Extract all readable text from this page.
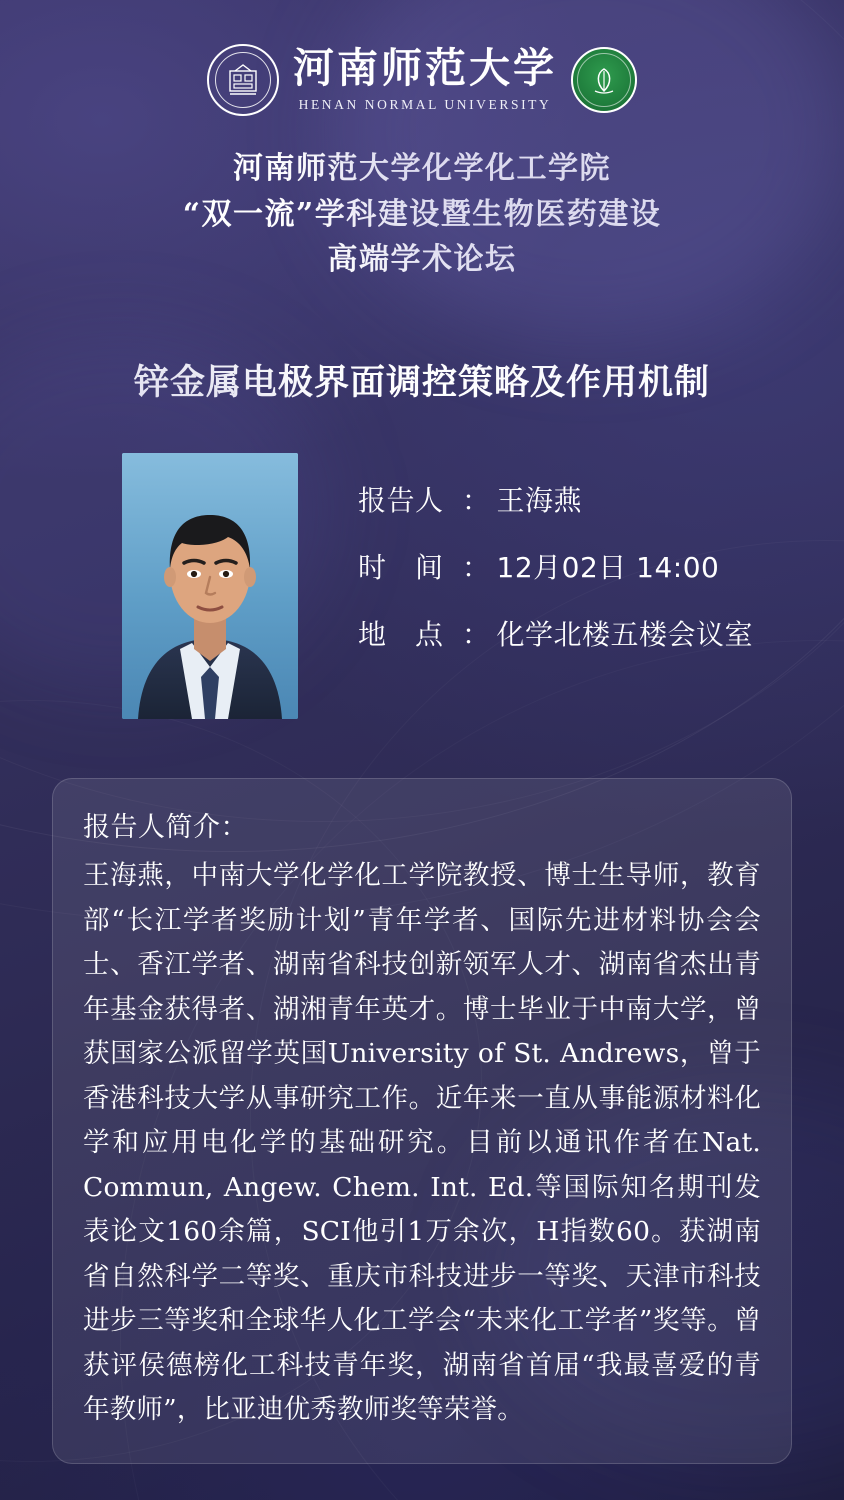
河南师范大学
HENAN NORMAL UNIVERSITY
河南师范大学化学化工学院
“双一流”学科建设暨生物医药建设
高端学术论坛
锌金属电极界面调控策略及作用机制
报告人 ： 王海燕
时　间 ： 12月02日 14:00
地　点 ： 化学北楼五楼会议室
报告人简介：
王海燕，中南大学化学化工学院教授、博士生导师，教育部“长江学者奖励计划”青年学者、国际先进材料协会会士、香江学者、湖南省科技创新领军人才、湖南省杰出青年基金获得者、湖湘青年英才。博士毕业于中南大学，曾获国家公派留学英国University of St. Andrews，曾于香港科技大学从事研究工作。近年来一直从事能源材料化学和应用电化学的基础研究。目前以通讯作者在Nat. Commun, Angew. Chem. Int. Ed.等国际知名期刊发表论文160余篇，SCI他引1万余次，H指数60。获湖南省自然科学二等奖、重庆市科技进步一等奖、天津市科技进步三等奖和全球华人化工学会“未来化工学者”奖等。曾获评侯德榜化工科技青年奖，湖南省首届“我最喜爱的青年教师”，比亚迪优秀教师奖等荣誉。
